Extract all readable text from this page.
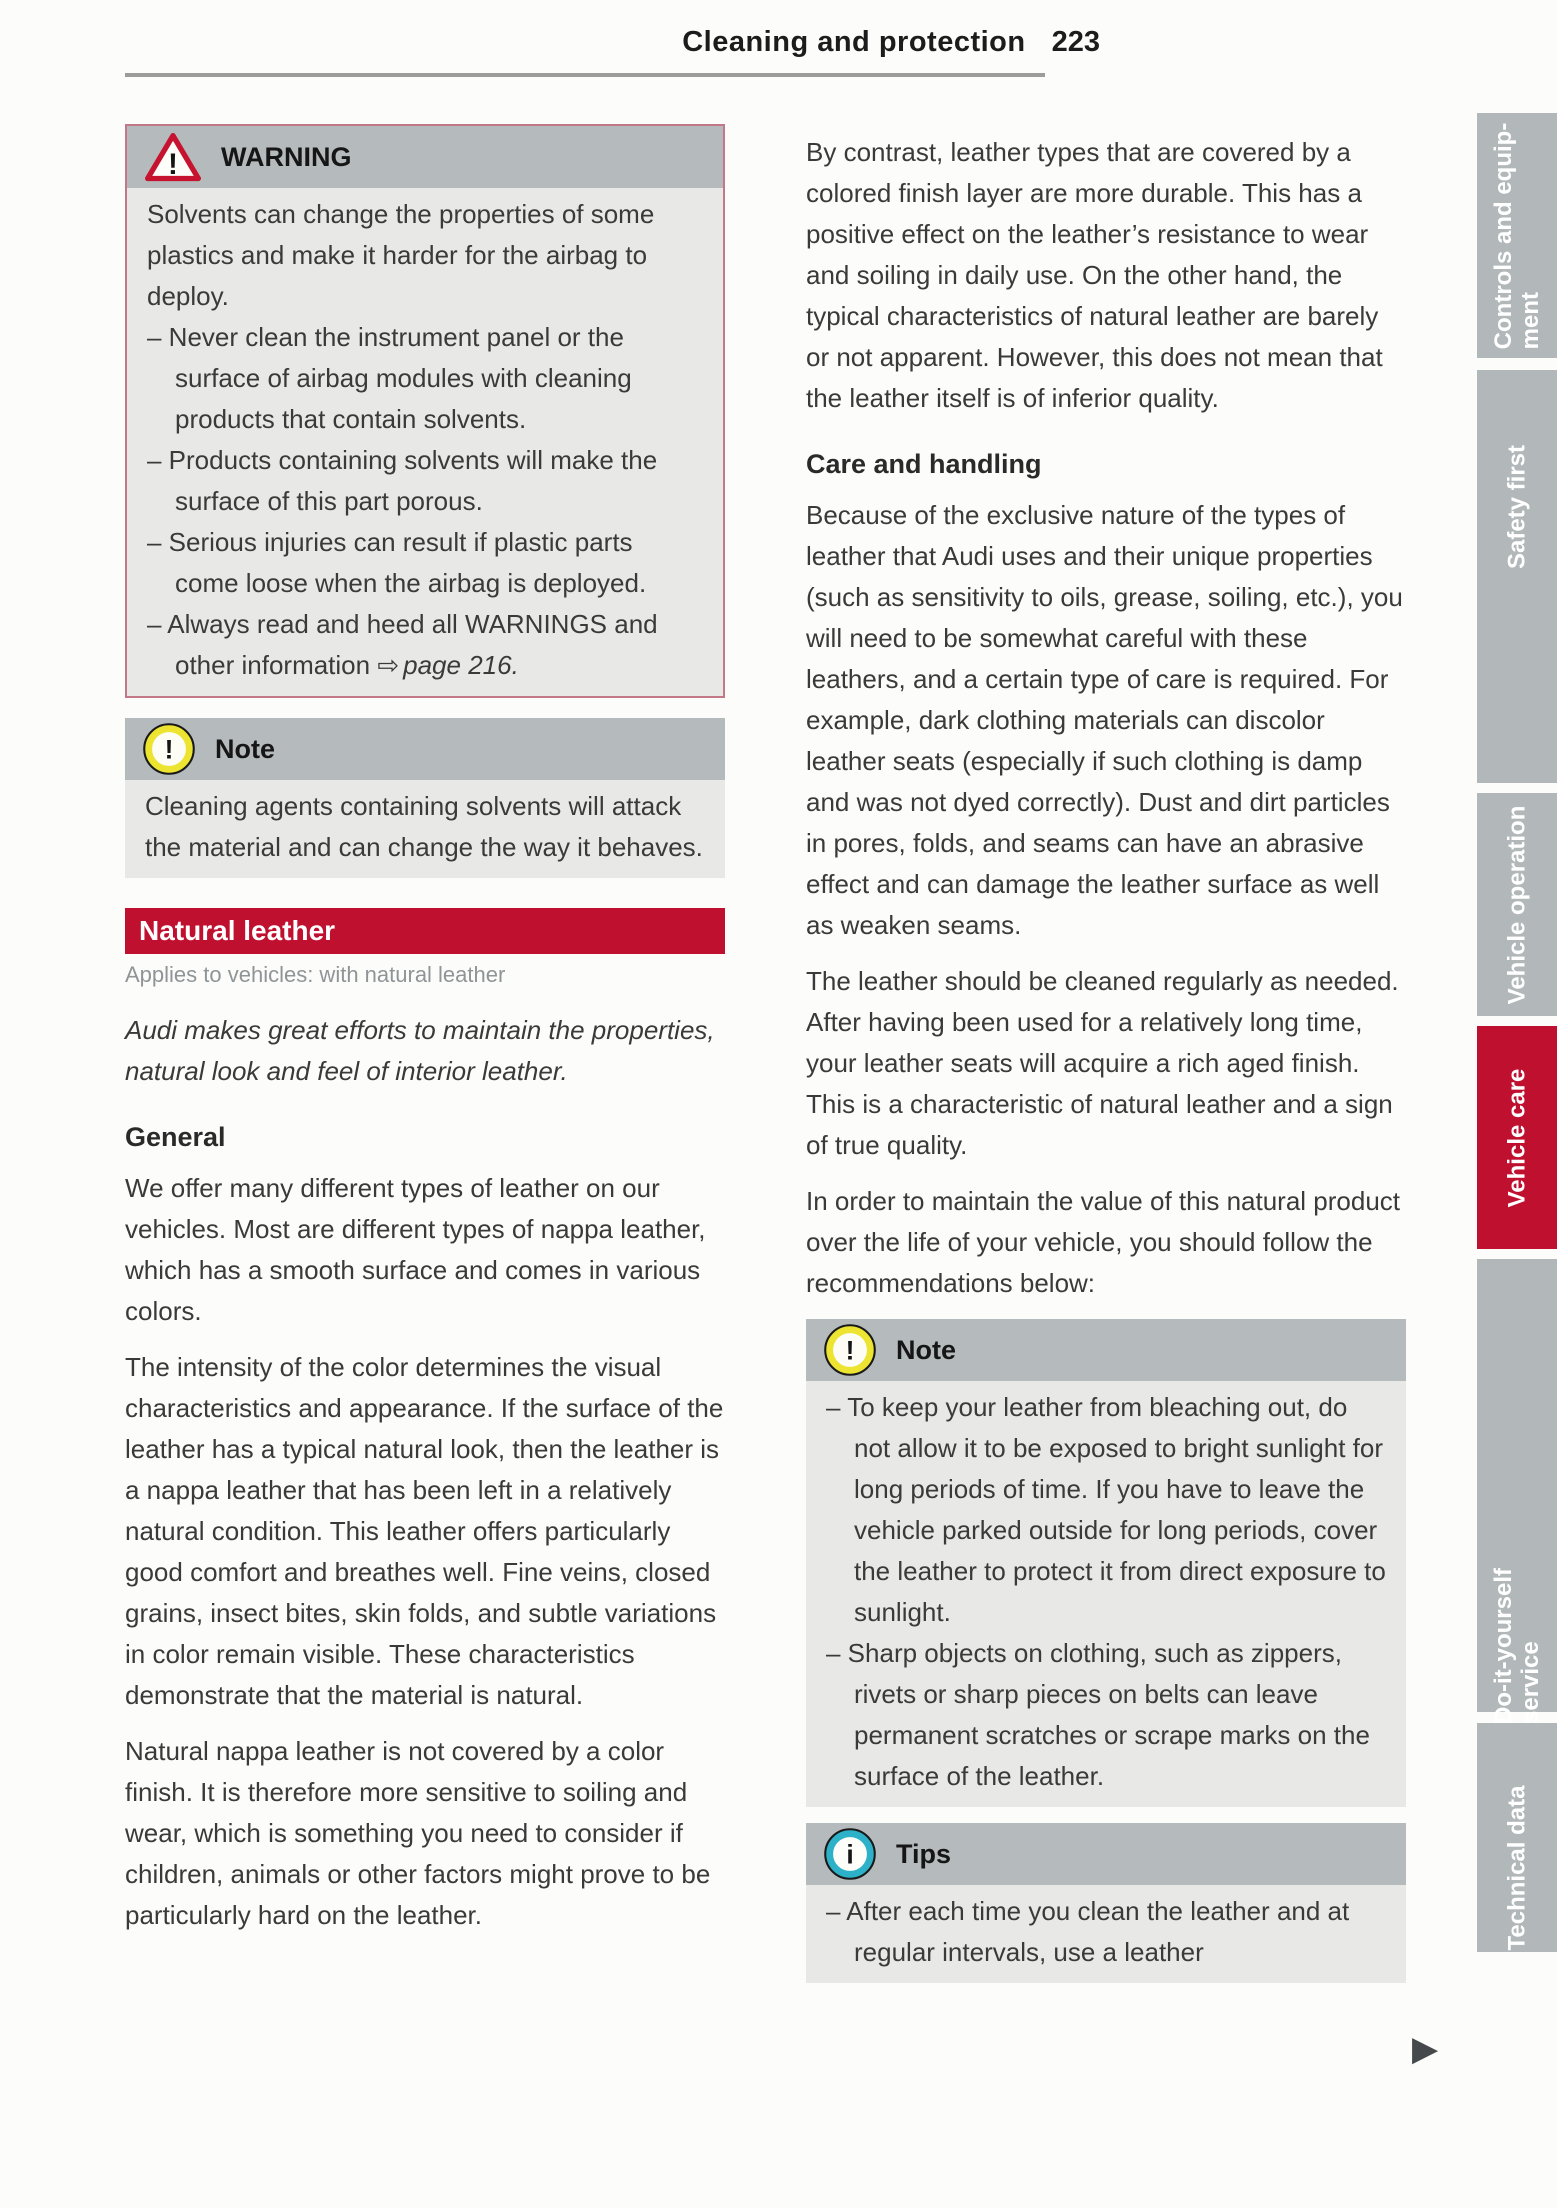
Cleaning and protection 223
! WARNING
Solvents can change the properties of some plastics and make it harder for the airbag to deploy.
– Never clean the instrument panel or the surface of airbag modules with cleaning products that contain solvents.
– Products containing solvents will make the surface of this part porous.
– Serious injuries can result if plastic parts come loose when the airbag is deployed.
– Always read and heed all WARNINGS and other information ⇨ page 216.
! Note
Cleaning agents containing solvents will attack the material and can change the way it behaves.
Natural leather
Applies to vehicles: with natural leather

Audi makes great efforts to maintain the properties, natural look and feel of interior leather.

General

We offer many different types of leather on our vehicles. Most are different types of nappa leather, which has a smooth surface and comes in various colors.

The intensity of the color determines the visual characteristics and appearance. If the surface of the leather has a typical natural look, then the leather is a nappa leather that has been left in a relatively natural condition. This leather offers particularly good comfort and breathes well. Fine veins, closed grains, insect bites, skin folds, and subtle variations in color remain visible. These characteristics demonstrate that the material is natural.

Natural nappa leather is not covered by a color finish. It is therefore more sensitive to soiling and wear, which is something you need to consider if children, animals or other factors might prove to be particularly hard on the leather.

By contrast, leather types that are covered by a colored finish layer are more durable. This has a positive effect on the leather’s resistance to wear and soiling in daily use. On the other hand, the typical characteristics of natural leather are barely or not apparent. However, this does not mean that the leather itself is of inferior quality.

Care and handling

Because of the exclusive nature of the types of leather that Audi uses and their unique properties (such as sensitivity to oils, grease, soiling, etc.), you will need to be somewhat careful with these leathers, and a certain type of care is required. For example, dark clothing materials can discolor leather seats (especially if such clothing is damp and was not dyed correctly). Dust and dirt particles in pores, folds, and seams can have an abrasive effect and can damage the leather surface as well as weaken seams.

The leather should be cleaned regularly as needed. After having been used for a relatively long time, your leather seats will acquire a rich aged finish. This is a characteristic of natural leather and a sign of true quality.

In order to maintain the value of this natural product over the life of your vehicle, you should follow the recommendations below:

! Note
– To keep your leather from bleaching out, do not allow it to be exposed to bright sunlight for long periods of time. If you have to leave the vehicle parked outside for long periods, cover the leather to protect it from direct exposure to sunlight.
– Sharp objects on clothing, such as zippers, rivets or sharp pieces on belts can leave permanent scratches or scrape marks on the surface of the leather.
i Tips
– After each time you clean the leather and at regular intervals, use a leather
▶
Controls and equip- ment
Safety first
Vehicle operation
Vehicle care
Do-it-yourself service
Technical data
